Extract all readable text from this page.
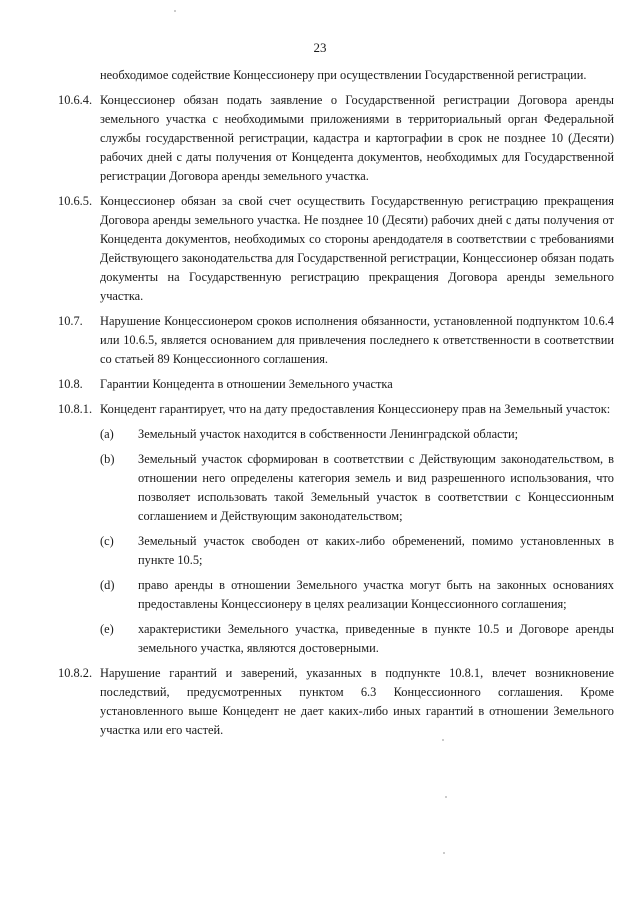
23
необходимое содействие Концессионеру при осуществлении Государственной регистрации.
10.6.4. Концессионер обязан подать заявление о Государственной регистрации Договора аренды земельного участка с необходимыми приложениями в территориальный орган Федеральной службы государственной регистрации, кадастра и картографии в срок не позднее 10 (Десяти) рабочих дней с даты получения от Концедента документов, необходимых для Государственной регистрации Договора аренды земельного участка.
10.6.5. Концессионер обязан за свой счет осуществить Государственную регистрацию прекращения Договора аренды земельного участка. Не позднее 10 (Десяти) рабочих дней с даты получения от Концедента документов, необходимых со стороны арендодателя в соответствии с требованиями Действующего законодательства для Государственной регистрации, Концессионер обязан подать документы на Государственную регистрацию прекращения Договора аренды земельного участка.
10.7.	Нарушение Концессионером сроков исполнения обязанности, установленной подпунктом 10.6.4 или 10.6.5, является основанием для привлечения последнего к ответственности в соответствии со статьей 89 Концессионного соглашения.
10.8.	Гарантии Концедента в отношении Земельного участка
10.8.1. Концедент гарантирует, что на дату предоставления Концессионеру прав на Земельный участок:
(a)	Земельный участок находится в собственности Ленинградской области;
(b)	Земельный участок сформирован в соответствии с Действующим законодательством, в отношении него определены категория земель и вид разрешенного использования, что позволяет использовать такой Земельный участок в соответствии с Концессионным соглашением и Действующим законодательством;
(c)	Земельный участок свободен от каких-либо обременений, помимо установленных в пункте 10.5;
(d)	право аренды в отношении Земельного участка могут быть на законных основаниях предоставлены Концессионеру в целях реализации Концессионного соглашения;
(e)	характеристики Земельного участка, приведенные в пункте 10.5 и Договоре аренды земельного участка, являются достоверными.
10.8.2. Нарушение гарантий и заверений, указанных в подпункте 10.8.1, влечет возникновение последствий, предусмотренных пунктом 6.3 Концессионного соглашения. Кроме установленного выше Концедент не дает каких-либо иных гарантий в отношении Земельного участка или его частей.
